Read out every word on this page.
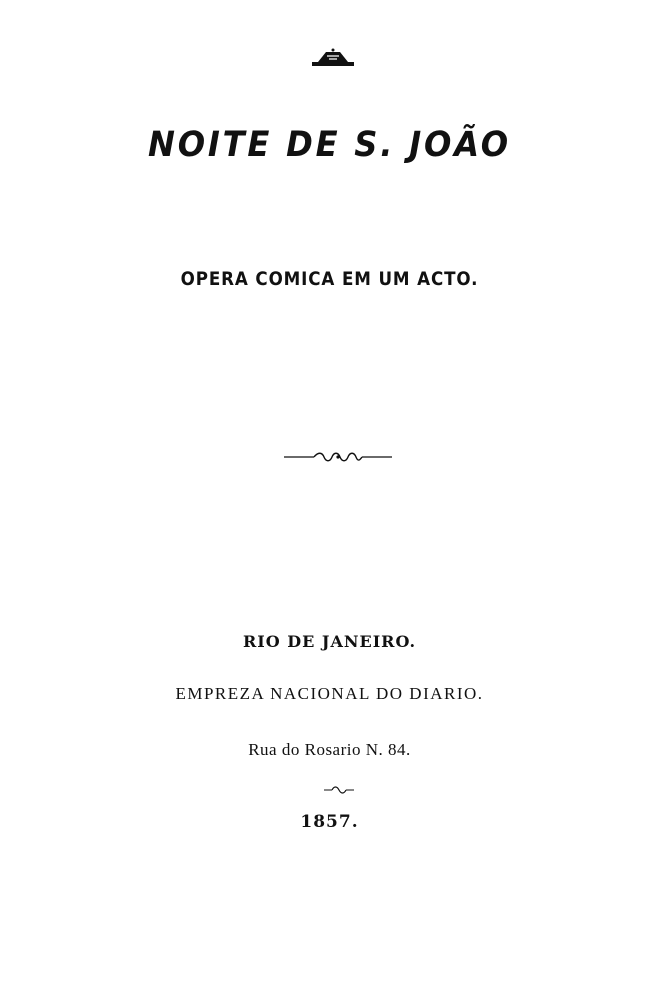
NOITE DE S. JOÃO
OPERA COMICA EM UM ACTO.
RIO DE JANEIRO.
EMPREZA NACIONAL DO DIARIO.
Rua do Rosario N. 84.
1857.
